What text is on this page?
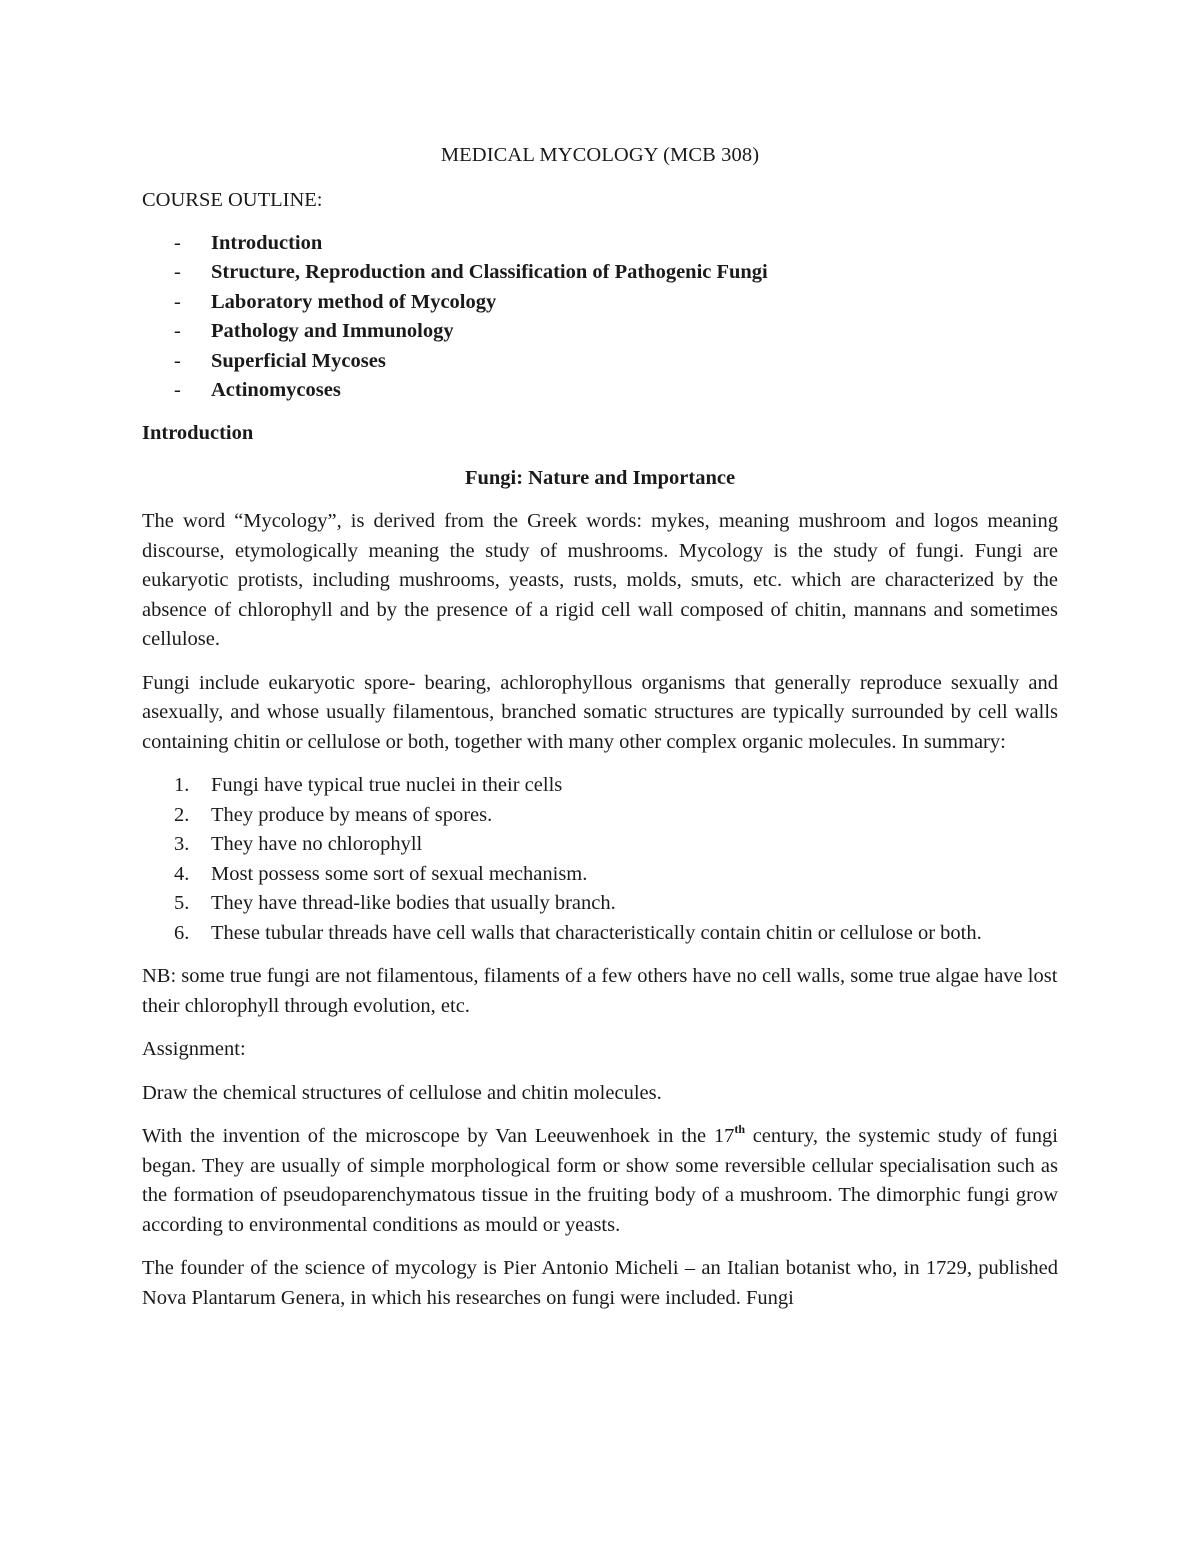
MEDICAL MYCOLOGY (MCB 308)
COURSE OUTLINE:
- Introduction
- Structure, Reproduction and Classification of Pathogenic Fungi
- Laboratory method of Mycology
- Pathology and Immunology
- Superficial Mycoses
- Actinomycoses
Introduction
Fungi: Nature and Importance

The word “Mycology”, is derived from the Greek words: mykes, meaning mushroom and logos meaning discourse, etymologically meaning the study of mushrooms. Mycology is the study of fungi. Fungi are eukaryotic protists, including mushrooms, yeasts, rusts, molds, smuts, etc. which are characterized by the absence of chlorophyll and by the presence of a rigid cell wall composed of chitin, mannans and sometimes cellulose.

Fungi include eukaryotic spore- bearing, achlorophyllous organisms that generally reproduce sexually and asexually, and whose usually filamentous, branched somatic structures are typically surrounded by cell walls containing chitin or cellulose or both, together with many other complex organic molecules. In summary:

1. Fungi have typical true nuclei in their cells
2. They produce by means of spores.
3. They have no chlorophyll
4. Most possess some sort of sexual mechanism.
5. They have thread-like bodies that usually branch.
6. These tubular threads have cell walls that characteristically contain chitin or cellulose or both.

NB: some true fungi are not filamentous, filaments of a few others have no cell walls, some true algae have lost their chlorophyll through evolution, etc.

Assignment:

Draw the chemical structures of cellulose and chitin molecules.

With the invention of the microscope by Van Leeuwenhoek in the 17th century, the systemic study of fungi began. They are usually of simple morphological form or show some reversible cellular specialisation such as the formation of pseudoparenchymatous tissue in the fruiting body of a mushroom. The dimorphic fungi grow according to environmental conditions as mould or yeasts.

The founder of the science of mycology is Pier Antonio Micheli – an Italian botanist who, in 1729, published Nova Plantarum Genera, in which his researches on fungi were included. Fungi
